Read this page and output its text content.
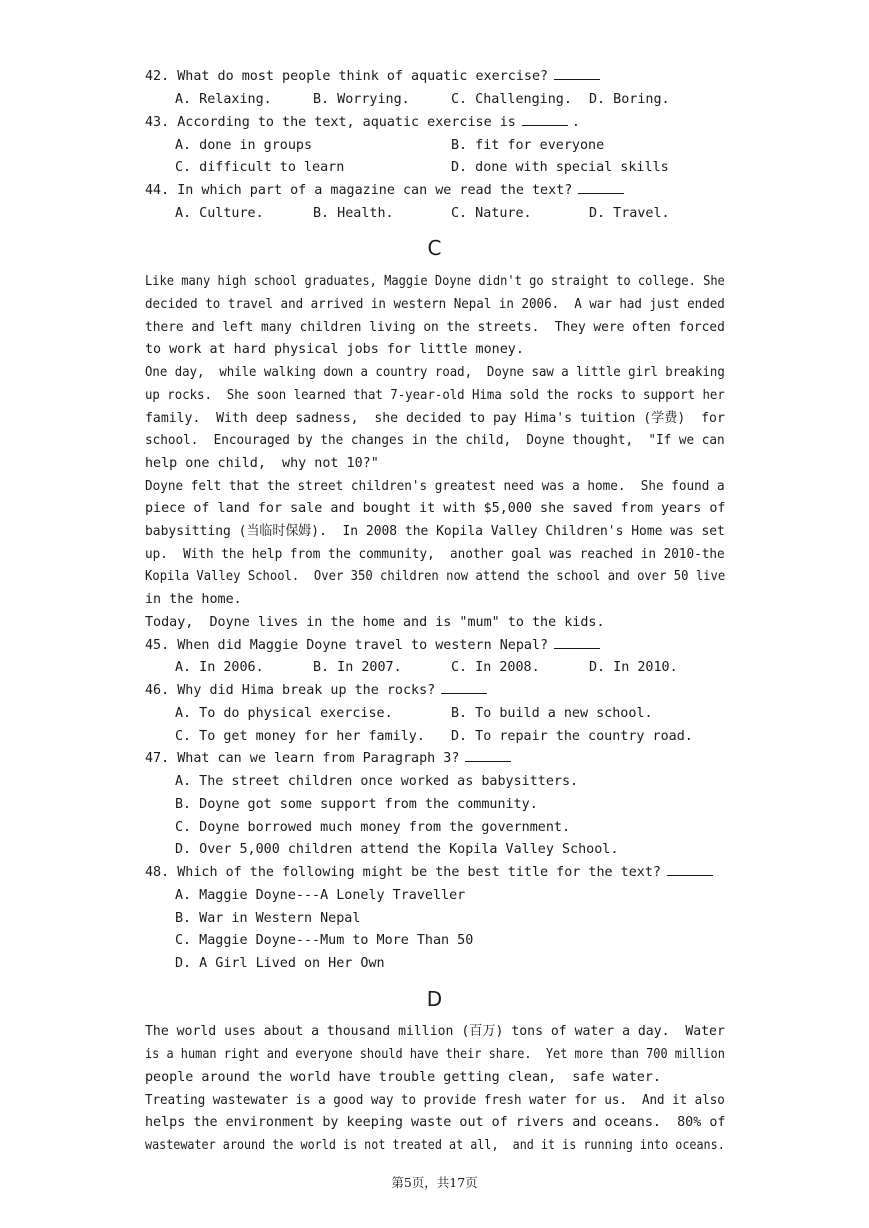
42. What do most people think of aquatic exercise?
A. Relaxing.	B. Worrying.	C. Challenging. D. Boring.
43. According to the text, aquatic exercise is	.
A. done in groups	B. fit for everyone
C. difficult to learn	D. done with special skills
44. In which part of a magazine can we read the text?
A. Culture.	B. Health.	C. Nature.	D. Travel.
C
Like many high school graduates, Maggie Doyne didn't go straight to college. She
decided to travel and arrived in western Nepal in 2006.  A war had just ended
there and left many children living on the streets.  They were often forced
to work at hard physical jobs for little money.
One day,  while walking down a country road,  Doyne saw a little girl breaking
up rocks.  She soon learned that 7-year-old Hima sold the rocks to support her
family.  With deep sadness,  she decided to pay Hima's tuition (学费)  for
school.  Encouraged by the changes in the child,  Doyne thought,  "If we can
help one child,  why not 10?"
Doyne felt that the street children's greatest need was a home.  She found a
piece of land for sale and bought it with $5,000 she saved from years of
babysitting (当临时保姆).  In 2008 the Kopila Valley Children's Home was set
up.  With the help from the community,  another goal was reached in 2010-the
Kopila Valley School.  Over 350 children now attend the school and over 50 live
in the home.
Today,  Doyne lives in the home and is "mum" to the kids.
45. When did Maggie Doyne travel to western Nepal?
A. In 2006.	B. In 2007.	C. In 2008.	D. In 2010.
46. Why did Hima break up the rocks?
A. To do physical exercise.	B. To build a new school.
C. To get money for her family. D. To repair the country road.
47. What can we learn from Paragraph 3?
A. The street children once worked as babysitters.
B. Doyne got some support from the community.
C. Doyne borrowed much money from the government.
D. Over 5,000 children attend the Kopila Valley School.
48. Which of the following might be the best title for the text?
A. Maggie Doyne---A Lonely Traveller
B. War in Western Nepal
C. Maggie Doyne---Mum to More Than 50
D. A Girl Lived on Her Own
D
The world uses about a thousand million (百万) tons of water a day.  Water
is a human right and everyone should have their share.  Yet more than 700 million
people around the world have trouble getting clean,  safe water.
Treating wastewater is a good way to provide fresh water for us.  And it also
helps the environment by keeping waste out of rivers and oceans.  80% of
wastewater around the world is not treated at all,  and it is running into oceans.
第5页，共17页
